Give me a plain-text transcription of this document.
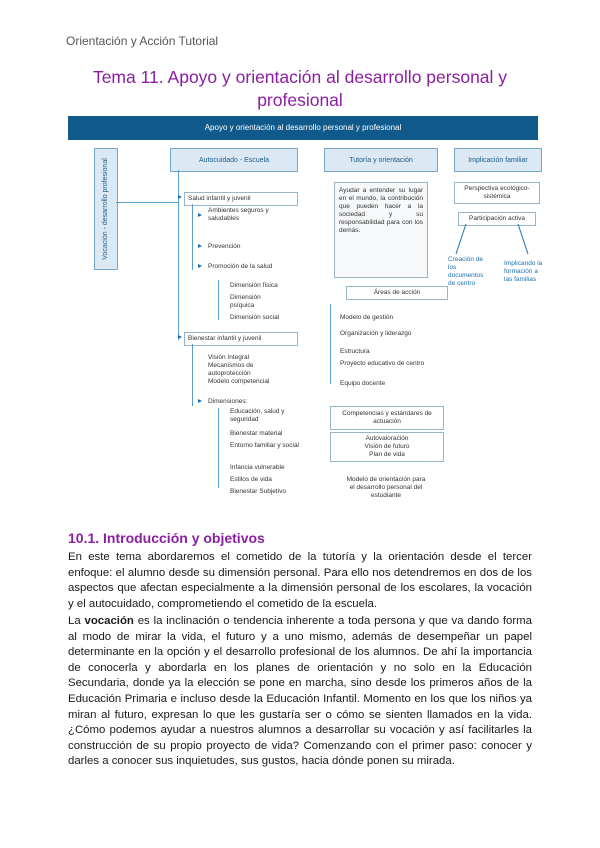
Orientación y Acción Tutorial
Tema 11. Apoyo y orientación al desarrollo personal y profesional
Apoyo y orientación al desarrollo personal y profesional
Vocación - desarrollo profesional	Autocuidado - Escuela	Tutoría y orientación	Implicación familiar
Salud infantil y juvenil
Ambientes seguros y saludables
Prevención
Promoción de la salud
Dimensión física
Dimensión psíquica
Dimensión social
Bienestar infantil y juvenil
Visión Integral
Mecanismos de autoprotección
Modelo competencial
Dimensiones:
Educación, salud y seguridad
Bienestar material
Entorno familiar y social
Infancia vulnerable
Estilos de vida
Bienestar Subjetivo
Ayudar a entender su lugar en el mundo, la contribución que pueden hacer a la sociedad y su responsabilidad para con los demás.
Áreas de acción
Modelo de gestión
Organización y liderazgo
Estructura
Proyecto educativo de centro
Equipo docente
Competencias y estándares de actuación
Autovaloración
Visión de futuro
Plan de vida
Modelo de orientación para el desarrollo personal del estudiante
Perspectiva ecológico-sistémica
Participación activa
Creación de los documentos de centro
Implicando la formación a las familias
10.1. Introducción y objetivos
En este tema abordaremos el cometido de la tutoría y la orientación desde el tercer enfoque: el alumno desde su dimensión personal. Para ello nos detendremos en dos de los aspectos que afectan especialmente a la dimensión personal de los escolares, la vocación y el autocuidado, comprometiendo el cometido de la escuela.
La vocación es la inclinación o tendencia inherente a toda persona y que va dando forma al modo de mirar la vida, el futuro y a uno mismo, además de desempeñar un papel determinante en la opción y el desarrollo profesional de los alumnos. De ahí la importancia de conocerla y abordarla en los planes de orientación y no solo en la Educación Secundaria, donde ya la elección se pone en marcha, sino desde los primeros años de la Educación Primaria e incluso desde la Educación Infantil. Momento en los que los niños ya miran al futuro, expresan lo que les gustaría ser o cómo se sienten llamados en la vida. ¿Cómo podemos ayudar a nuestros alumnos a desarrollar su vocación y así facilitarles la construcción de su propio proyecto de vida? Comenzando con el primer paso: conocer y darles a conocer sus inquietudes, sus gustos, hacia dónde ponen su mirada.
